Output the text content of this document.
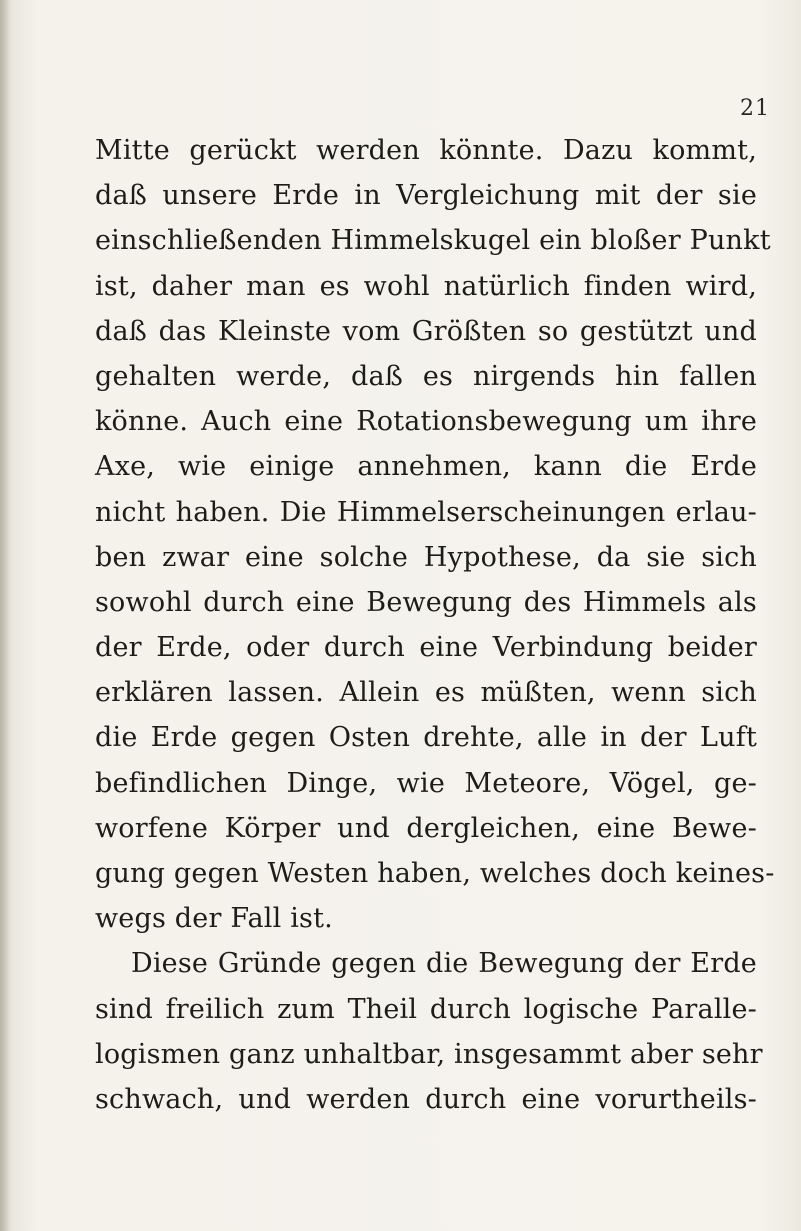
21
Mitte gerückt werden könnte. Dazu kommt,
daß unsere Erde in Vergleichung mit der sie
einschließenden Himmelskugel ein bloßer Punkt
ist, daher man es wohl natürlich finden wird,
daß das Kleinste vom Größten so gestützt und
gehalten werde, daß es nirgends hin fallen
könne. Auch eine Rotationsbewegung um ihre
Axe, wie einige annehmen, kann die Erde
nicht haben. Die Himmelserscheinungen erlau-
ben zwar eine solche Hypothese, da sie sich
sowohl durch eine Bewegung des Himmels als
der Erde, oder durch eine Verbindung beider
erklären lassen. Allein es müßten, wenn sich
die Erde gegen Osten drehte, alle in der Luft
befindlichen Dinge, wie Meteore, Vögel, ge-
worfene Körper und dergleichen, eine Bewe-
gung gegen Westen haben, welches doch keines-
wegs der Fall ist.
Diese Gründe gegen die Bewegung der Erde
sind freilich zum Theil durch logische Paralle-
logismen ganz unhaltbar, insgesammt aber sehr
schwach, und werden durch eine vorurtheils-
